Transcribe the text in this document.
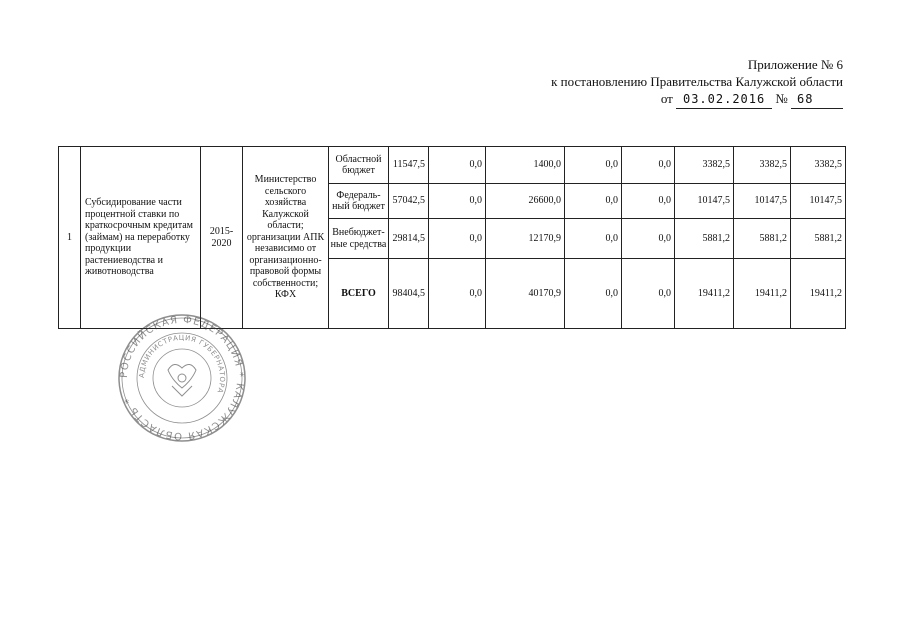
Приложение № 6
к постановлению Правительства Калужской области
от 03.02.2016 № 68
1	Субсидирование части процентной ставки по краткосрочным кредитам (займам) на переработку продукции растениеводства и животноводства	2015-2020	Министерство сельского хозяйства Калужской области; организации АПК независимо от организационно-правовой формы собственности; КФХ	Областной бюджет	11547,5	0,0	1400,0	0,0	0,0	3382,5	3382,5	3382,5
				Федераль-ный бюджет	57042,5	0,0	26600,0	0,0	0,0	10147,5	10147,5	10147,5
				Внебюджет-ные средства	29814,5	0,0	12170,9	0,0	0,0	5881,2	5881,2	5881,2
				ВСЕГО	98404,5	0,0	40170,9	0,0	0,0	19411,2	19411,2	19411,2
РОССИЙСКАЯ ФЕДЕРАЦИЯ * КАЛУЖСКАЯ ОБЛАСТЬ *
АДМИНИСТРАЦИЯ ГУБЕРНАТОРА
